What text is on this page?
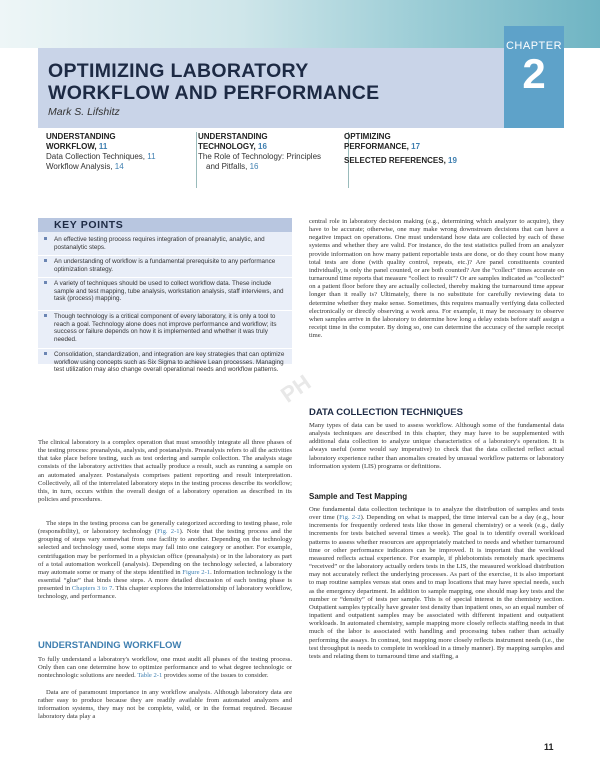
CHAPTER
2
OPTIMIZING LABORATORY
WORKFLOW AND PERFORMANCE
Mark S. Lifshitz
UNDERSTANDING
WORKFLOW, 11
Data Collection Techniques, 11
Workflow Analysis, 14
UNDERSTANDING
TECHNOLOGY, 16
The Role of Technology: Principles
and Pitfalls, 16
OPTIMIZING
PERFORMANCE, 17
SELECTED REFERENCES, 19
KEY POINTS
An effective testing process requires integration of preanalytic, analytic, and postanalytic steps.
An understanding of workflow is a fundamental prerequisite to any performance optimization strategy.
A variety of techniques should be used to collect workflow data. These include sample and test mapping, tube analysis, workstation analysis, staff interviews, and task (process) mapping.
Though technology is a critical component of every laboratory, it is only a tool to reach a goal. Technology alone does not improve performance and workflow; its success or failure depends on how it is implemented and whether it was truly needed.
Consolidation, standardization, and integration are key strategies that can optimize workflow using concepts such as Six Sigma to achieve Lean processes. Managing test utilization may also change overall operational needs and workflow patterns.
PH
The clinical laboratory is a complex operation that must smoothly integrate all three phases of the testing process: preanalysis, analysis, and postanalysis. Preanalysis refers to all the activities that take place before testing, such as test ordering and sample collection. The analysis stage consists of the laboratory activities that actually produce a result, such as running a sample on an automated analyzer. Postanalysis comprises patient reporting and result interpretation. Collectively, all of the interrelated laboratory steps in the testing process describe its workflow; this, in turn, occurs within the overall design of a laboratory operation as described in its policies and procedures.
The steps in the testing process can be generally categorized according to testing phase, role (responsibility), or laboratory technology (Fig. 2-1). Note that the testing process and the grouping of steps vary somewhat from one facility to another. Depending on the technology selected and technology used, some steps may fall into one category or another. For example, centrifugation may be performed in a physician office (preanalysis) or in the laboratory as part of a total automation workcell (analysis). Depending on the technology selected, a laboratory may automate some or many of the steps identified in Figure 2-1. Information technology is the essential “glue” that binds these steps. A more detailed discussion of each testing phase is presented in Chapters 3 to 7. This chapter explores the interrelationship of laboratory workflow, technology, and performance.
UNDERSTANDING WORKFLOW
To fully understand a laboratory's workflow, one must audit all phases of the testing process. Only then can one determine how to optimize performance and to what degree technologic or nontechnologic solutions are needed. Table 2-1 provides some of the issues to consider.
Data are of paramount importance in any workflow analysis. Although laboratory data are rather easy to produce because they are readily available from automated analyzers and information systems, they may not be complete, valid, or in the format required. Because laboratory data play a
central role in laboratory decision making (e.g., determining which analyzer to acquire), they have to be accurate; otherwise, one may make wrong downstream decisions that can have a negative impact on operations. One must understand how data are collected by each of these systems and whether they are valid. For instance, do the test statistics pulled from an analyzer provide information on how many patient reportable tests are done, or do they count how many total tests are done (with quality control, repeats, etc.)? Are panel constituents counted individually, is only the panel counted, or are both counted? Are the “collect” times accurate on turnaround time reports that measure “collect to result”? Or are samples indicated as “collected” on a patient floor before they are actually collected, thereby making the turnaround time appear longer than it really is? Ultimately, there is no substitute for carefully reviewing data to determine whether they make sense. Sometimes, this requires manually verifying data collected electronically or directly observing a work area. For example, it may be necessary to observe when samples arrive in the laboratory to determine how long a delay exists before staff assign a receipt time in the computer. By doing so, one can determine the accuracy of the sample receipt time.
DATA COLLECTION TECHNIQUES
Many types of data can be used to assess workflow. Although some of the fundamental data analysis techniques are described in this chapter, they may have to be supplemented with additional data collection to analyze unique characteristics of a laboratory's operation. It is always useful (some would say imperative) to check that the data collected reflect actual laboratory experience rather than anomalies created by unusual workflow patterns or laboratory information system (LIS) programs or definitions.
Sample and Test Mapping
One fundamental data collection technique is to analyze the distribution of samples and tests over time (Fig. 2-2). Depending on what is mapped, the time interval can be a day (e.g., hour increments for frequently ordered tests like those in general chemistry) or a week (e.g., daily increments for tests batched several times a week). The goal is to identify overall workload patterns to assess whether resources are appropriately matched to needs and whether turnaround time or other performance indicators can be improved. It is important that the workload measured reflects actual experience. For example, if phlebotomists remotely mark specimens “received” or the laboratory actually orders tests in the LIS, the measured workload distribution may not accurately reflect the underlying processes. As part of the exercise, it is also important to map routine samples versus stat ones and to map locations that may have special needs, such as the emergency department. In addition to sample mapping, one should map key tests and the number or “density” of tests per sample. This is of special interest in the chemistry section. Outpatient samples typically have greater test density than inpatient ones, so an equal number of inpatient and outpatient samples may be associated with different inpatient and outpatient workloads. In automated chemistry, sample mapping more closely reflects staffing needs in that much of the labor is associated with handling and processing tubes rather than actually performing the assays. In contrast, test mapping more closely reflects instrument needs (i.e., the test throughput is needs to complete in workload in a timely manner). By mapping samples and tests and relating them to turnaround time and staffing, a
11
